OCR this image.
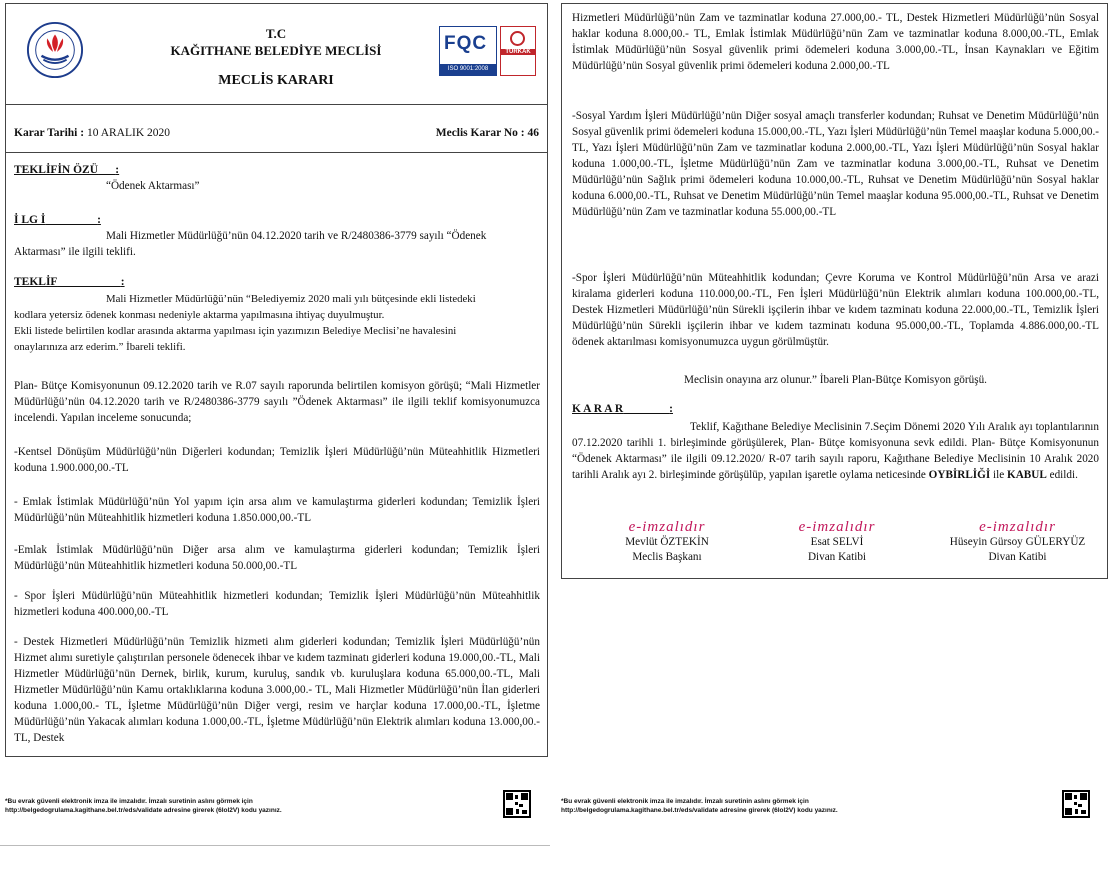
T.C
KAĞITHANE BELEDİYE MECLİSİ
MECLİS KARARI
FQC
ISO 9001:2008
TÜRKAK
Karar Tarihi : 10 ARALIK 2020	Meclis Karar No : 46
TEKLİFİN ÖZÜ :
“Ödenek Aktarması”
İ LG İ	:
Mali Hizmetler Müdürlüğü’nün 04.12.2020 tarih ve R/2480386-3779 sayılı “Ödenek
Aktarması” ile ilgili teklifi.
TEKLİF	:
Mali Hizmetler Müdürlüğü’nün “Belediyemiz 2020 mali yılı bütçesinde ekli listedeki
kodlara yetersiz ödenek konması nedeniyle aktarma yapılmasına ihtiyaç duyulmuştur.
Ekli listede belirtilen kodlar arasında aktarma yapılması için yazımızın Belediye Meclisi’ne havalesini
onaylarınıza arz ederim.” İbareli teklifi.
Plan- Bütçe Komisyonunun 09.12.2020 tarih ve R.07 sayılı raporunda belirtilen komisyon görüşü; “Mali Hizmetler Müdürlüğü’nün 04.12.2020 tarih ve R/2480386-3779 sayılı ”Ödenek Aktarması” ile ilgili teklif komisyonumuzca incelendi. Yapılan inceleme sonucunda;
-Kentsel Dönüşüm Müdürlüğü’nün Diğerleri kodundan; Temizlik İşleri Müdürlüğü’nün Müteahhitlik Hizmetleri koduna 1.900.000,00.-TL
- Emlak İstimlak Müdürlüğü’nün Yol yapım için arsa alım ve kamulaştırma giderleri kodundan; Temizlik İşleri Müdürlüğü’nün Müteahhitlik hizmetleri koduna 1.850.000,00.-TL
-Emlak İstimlak Müdürlüğü’nün Diğer arsa alım ve kamulaştırma giderleri kodundan; Temizlik İşleri Müdürlüğü’nün Müteahhitlik hizmetleri koduna 50.000,00.-TL
- Spor İşleri Müdürlüğü’nün Müteahhitlik hizmetleri kodundan; Temizlik İşleri Müdürlüğü’nün Müteahhitlik hizmetleri koduna 400.000,00.-TL
- Destek Hizmetleri Müdürlüğü’nün Temizlik hizmeti alım giderleri kodundan; Temizlik İşleri Müdürlüğü’nün Hizmet alımı suretiyle çalıştırılan personele ödenecek ihbar ve kıdem tazminatı giderleri koduna 19.000,00.-TL, Mali Hizmetler Müdürlüğü’nün Dernek, birlik, kurum, kuruluş, sandık vb. kuruluşlara koduna 65.000,00.-TL, Mali Hizmetler Müdürlüğü’nün Kamu ortaklıklarına koduna 3.000,00.- TL, Mali Hizmetler Müdürlüğü’nün İlan giderleri koduna 1.000,00.- TL, İşletme Müdürlüğü’nün Diğer vergi, resim ve harçlar koduna 17.000,00.-TL, İşletme Müdürlüğü’nün Yakacak alımları koduna 1.000,00.-TL, İşletme Müdürlüğü’nün Elektrik alımları koduna 13.000,00.-TL, Destek
*Bu evrak güvenli elektronik imza ile imzalıdır. İmzalı suretinin aslını görmek için
http://belgedogrulama.kagithane.bel.tr/eds/validate adresine girerek (6lol2V) kodu yazınız.
Hizmetleri Müdürlüğü’nün Zam ve tazminatlar koduna 27.000,00.- TL, Destek Hizmetleri Müdürlüğü’nün Sosyal haklar koduna 8.000,00.- TL, Emlak İstimlak Müdürlüğü’nün Zam ve tazminatlar koduna 8.000,00.-TL, Emlak İstimlak Müdürlüğü’nün Sosyal güvenlik primi ödemeleri koduna 3.000,00.-TL, İnsan Kaynakları ve Eğitim Müdürlüğü’nün Sosyal güvenlik primi ödemeleri koduna 2.000,00.-TL
-Sosyal Yardım İşleri Müdürlüğü’nün Diğer sosyal amaçlı transferler kodundan; Ruhsat ve Denetim Müdürlüğü’nün Sosyal güvenlik primi ödemeleri koduna 15.000,00.-TL, Yazı İşleri Müdürlüğü’nün Temel maaşlar koduna 5.000,00.-TL, Yazı İşleri Müdürlüğü’nün Zam ve tazminatlar koduna 2.000,00.-TL, Yazı İşleri Müdürlüğü’nün Sosyal haklar koduna 1.000,00.-TL, İşletme Müdürlüğü’nün Zam ve tazminatlar koduna 3.000,00.-TL, Ruhsat ve Denetim Müdürlüğü’nün Sağlık primi ödemeleri koduna 10.000,00.-TL, Ruhsat ve Denetim Müdürlüğü’nün Sosyal haklar koduna 6.000,00.-TL, Ruhsat ve Denetim Müdürlüğü’nün Temel maaşlar koduna 95.000,00.-TL, Ruhsat ve Denetim Müdürlüğü’nün Zam ve tazminatlar koduna 55.000,00.-TL
-Spor İşleri Müdürlüğü’nün Müteahhitlik kodundan; Çevre Koruma ve Kontrol Müdürlüğü’nün Arsa ve arazi kiralama giderleri koduna 110.000,00.-TL, Fen İşleri Müdürlüğü’nün Elektrik alımları koduna 100.000,00.-TL, Destek Hizmetleri Müdürlüğü’nün Sürekli işçilerin ihbar ve kıdem tazminatı koduna 22.000,00.-TL, Temizlik İşleri Müdürlüğü’nün Sürekli işçilerin ihbar ve kıdem tazminatı koduna 95.000,00.-TL, Toplamda 4.886.000,00.-TL ödenek aktarılması komisyonumuzca uygun görülmüştür.
Meclisin onayına arz olunur.” İbareli Plan-Bütçe Komisyon görüşü.
K A R A R	:
Teklif, Kağıthane Belediye Meclisinin 7.Seçim Dönemi 2020 Yılı Aralık ayı toplantılarının 07.12.2020 tarihli 1. birleşiminde görüşülerek, Plan- Bütçe komisyonuna sevk edildi. Plan- Bütçe Komisyonunun “Ödenek Aktarması” ile ilgili 09.12.2020/ R-07 tarih sayılı raporu, Kağıthane Belediye Meclisinin 10 Aralık 2020 tarihli Aralık ayı 2. birleşiminde görüşülüp, yapılan işaretle oylama neticesinde OYBİRLİĞİ ile KABUL edildi.
e-imzalıdır
Mevlüt ÖZTEKİN
Meclis Başkanı
e-imzalıdır
Esat SELVİ
Divan Katibi
e-imzalıdır
Hüseyin Gürsoy GÜLERYÜZ
Divan Katibi
*Bu evrak güvenli elektronik imza ile imzalıdır. İmzalı suretinin aslını görmek için
http://belgedogrulama.kagithane.bel.tr/eds/validate adresine girerek (6lol2V) kodu yazınız.
